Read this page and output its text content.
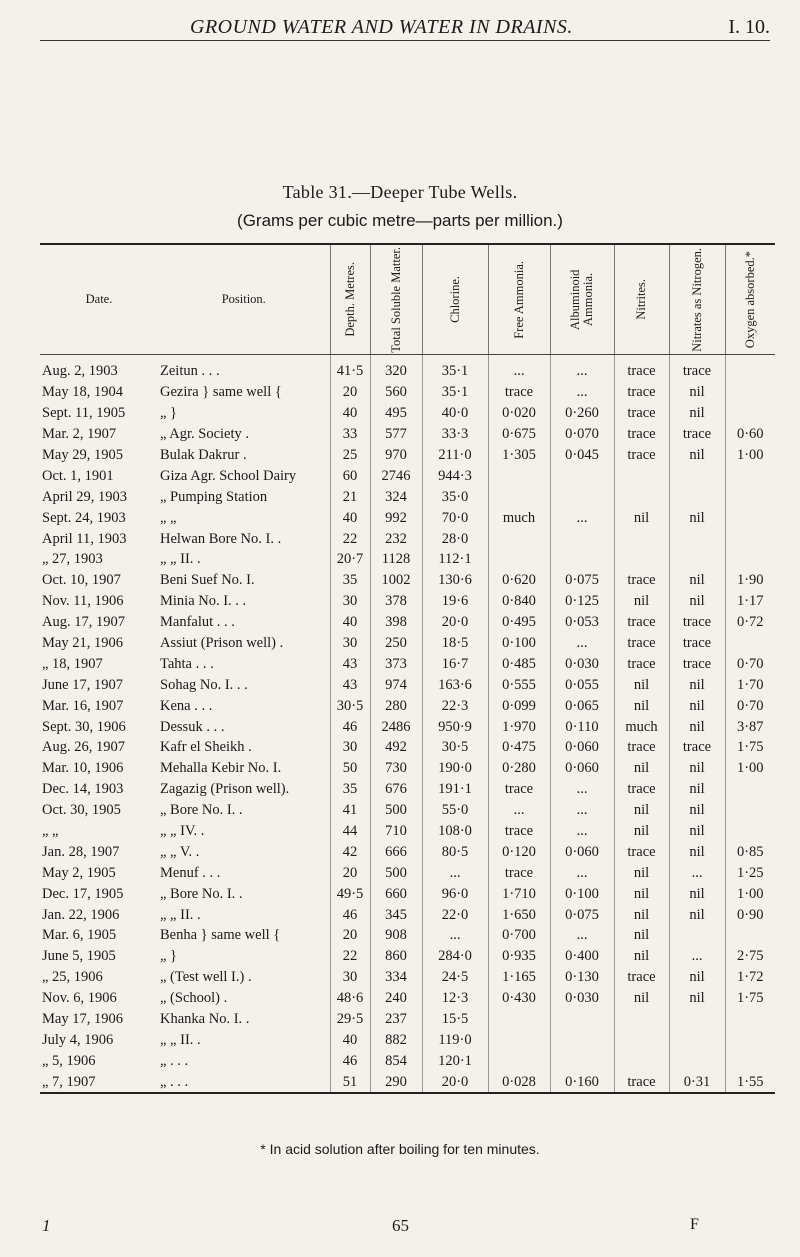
GROUND WATER AND WATER IN DRAINS.	I. 10.
Table 31.—Deeper Tube Wells.
(Grams per cubic metre—parts per million.)
Date.	Position.	Depth. Metres.	Total Soluble Matter.	Chlorine.	Free Ammonia.	Albuminoid Ammonia.	Nitrites.	Nitrates as Nitrogen.	Oxygen absorbed.*

Aug. 2, 1903	Zeitun . . .	41·5	320	35·1	...	...	trace	trace	
May 18, 1904	Gezira } same well {	20	560	35·1	trace	...	trace	nil	
Sept. 11, 1905	„ }	40	495	40·0	0·020	0·260	trace	nil	
Mar. 2, 1907	„ Agr. Society .	33	577	33·3	0·675	0·070	trace	trace	0·60
May 29, 1905	Bulak Dakrur .	25	970	211·0	1·305	0·045	trace	nil	1·00
Oct. 1, 1901	Giza Agr. School Dairy	60	2746	944·3					
April 29, 1903	„ Pumping Station	21	324	35·0					
Sept. 24, 1903	„ „	40	992	70·0	much	...	nil	nil	
April 11, 1903	Helwan Bore No. I. .	22	232	28·0					
„ 27, 1903	„ „ II. .	20·7	1128	112·1					
Oct. 10, 1907	Beni Suef No. I.	35	1002	130·6	0·620	0·075	trace	nil	1·90
Nov. 11, 1906	Minia No. I. . .	30	378	19·6	0·840	0·125	nil	nil	1·17
Aug. 17, 1907	Manfalut . . .	40	398	20·0	0·495	0·053	trace	trace	0·72
May 21, 1906	Assiut (Prison well) .	30	250	18·5	0·100	...	trace	trace	
„ 18, 1907	Tahta . . .	43	373	16·7	0·485	0·030	trace	trace	0·70
June 17, 1907	Sohag No. I. . .	43	974	163·6	0·555	0·055	nil	nil	1·70
Mar. 16, 1907	Kena . . .	30·5	280	22·3	0·099	0·065	nil	nil	0·70
Sept. 30, 1906	Dessuk . . .	46	2486	950·9	1·970	0·110	much	nil	3·87
Aug. 26, 1907	Kafr el Sheikh .	30	492	30·5	0·475	0·060	trace	trace	1·75
Mar. 10, 1906	Mehalla Kebir No. I.	50	730	190·0	0·280	0·060	nil	nil	1·00
Dec. 14, 1903	Zagazig (Prison well).	35	676	191·1	trace	...	trace	nil	
Oct. 30, 1905	„ Bore No. I. .	41	500	55·0	...	...	nil	nil	
„ „	„ „ IV. .	44	710	108·0	trace	...	nil	nil	
Jan. 28, 1907	„ „ V. .	42	666	80·5	0·120	0·060	trace	nil	0·85
May 2, 1905	Menuf . . .	20	500	...	trace	...	nil	...	1·25
Dec. 17, 1905	„ Bore No. I. .	49·5	660	96·0	1·710	0·100	nil	nil	1·00
Jan. 22, 1906	„ „ II. .	46	345	22·0	1·650	0·075	nil	nil	0·90
Mar. 6, 1905	Benha } same well {	20	908	...	0·700	...	nil		
June 5, 1905	„ }	22	860	284·0	0·935	0·400	nil	...	2·75
„ 25, 1906	„ (Test well I.) .	30	334	24·5	1·165	0·130	trace	nil	1·72
Nov. 6, 1906	„ (School) .	48·6	240	12·3	0·430	0·030	nil	nil	1·75
May 17, 1906	Khanka No. I. .	29·5	237	15·5					
July 4, 1906	„ „ II. .	40	882	119·0					
„ 5, 1906	„ . . .	46	854	120·1					
„ 7, 1907	„ . . .	51	290	20·0	0·028	0·160	trace	0·31	1·55
* In acid solution after boiling for ten minutes.
1	65	F
